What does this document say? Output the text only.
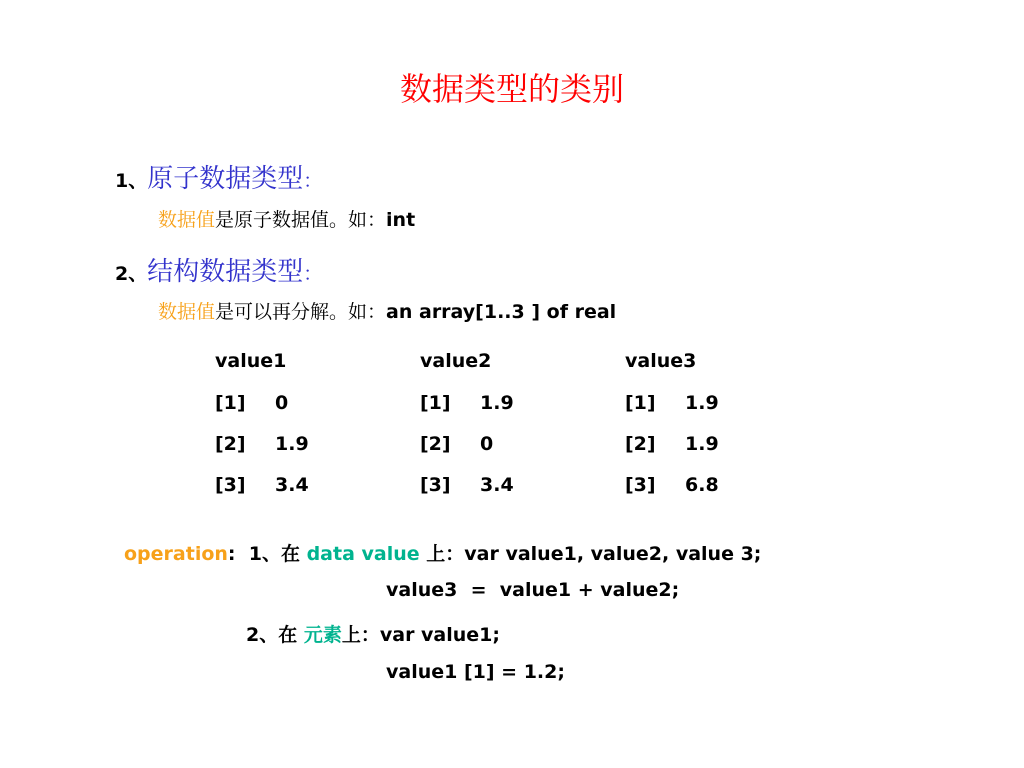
数据类型的类别
1、原子数据类型：
数据值是原子数据值。如：int
2、结构数据类型：
数据值是可以再分解。如：an array[1..3 ] of real
value1
[1] 0
[2] 1.9
[3] 3.4
value2
[1] 1.9
[2] 0
[3] 3.4
value3
[1] 1.9
[2] 1.9
[3] 6.8
operation:  1、在 data value 上：var value1, value2, value 3;
value3  =  value1 + value2;
2、在 元素上：var value1;
value1 [1] = 1.2;
